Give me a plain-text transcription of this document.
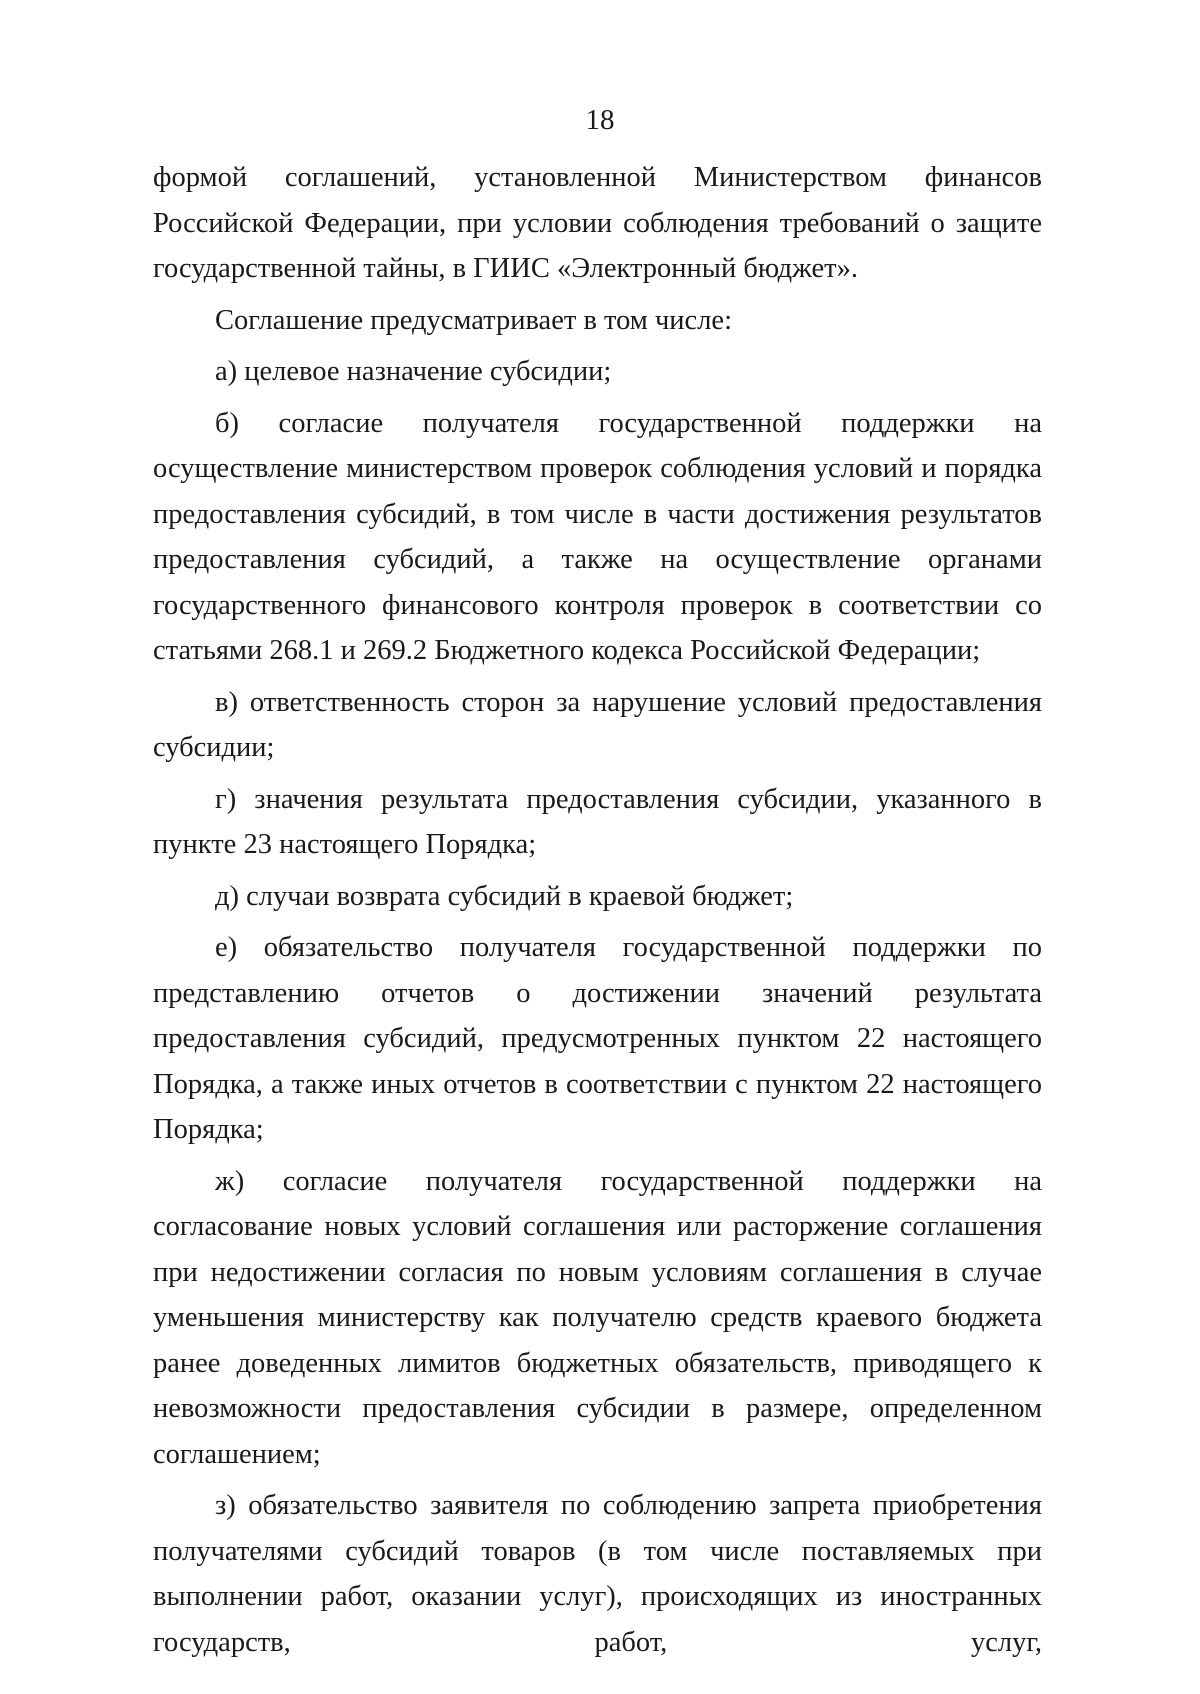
18

формой соглашений, установленной Министерством финансов Российской Федерации, при условии соблюдения требований о защите государственной тайны, в ГИИС «Электронный бюджет».

Соглашение предусматривает в том числе:

а) целевое назначение субсидии;

б) согласие получателя государственной поддержки на осуществление министерством проверок соблюдения условий и порядка предоставления субсидий, в том числе в части достижения результатов предоставления субсидий, а также на осуществление органами государственного финансового контроля проверок в соответствии со статьями 268.1 и 269.2 Бюджетного кодекса Российской Федерации;

в) ответственность сторон за нарушение условий предоставления субсидии;

г) значения результата предоставления субсидии, указанного в пункте 23 настоящего Порядка;

д) случаи возврата субсидий в краевой бюджет;

е) обязательство получателя государственной поддержки по представлению отчетов о достижении значений результата предоставления субсидий, предусмотренных пунктом 22 настоящего Порядка, а также иных отчетов в соответствии с пунктом 22 настоящего Порядка;

ж) согласие получателя государственной поддержки на согласование новых условий соглашения или расторжение соглашения при недостижении согласия по новым условиям соглашения в случае уменьшения министерству как получателю средств краевого бюджета ранее доведенных лимитов бюджетных обязательств, приводящего к невозможности предоставления субсидии в размере, определенном соглашением;

з) обязательство заявителя по соблюдению запрета приобретения получателями субсидий товаров (в том числе поставляемых при выполнении работ, оказании услуг), происходящих из иностранных государств, работ, услуг,
